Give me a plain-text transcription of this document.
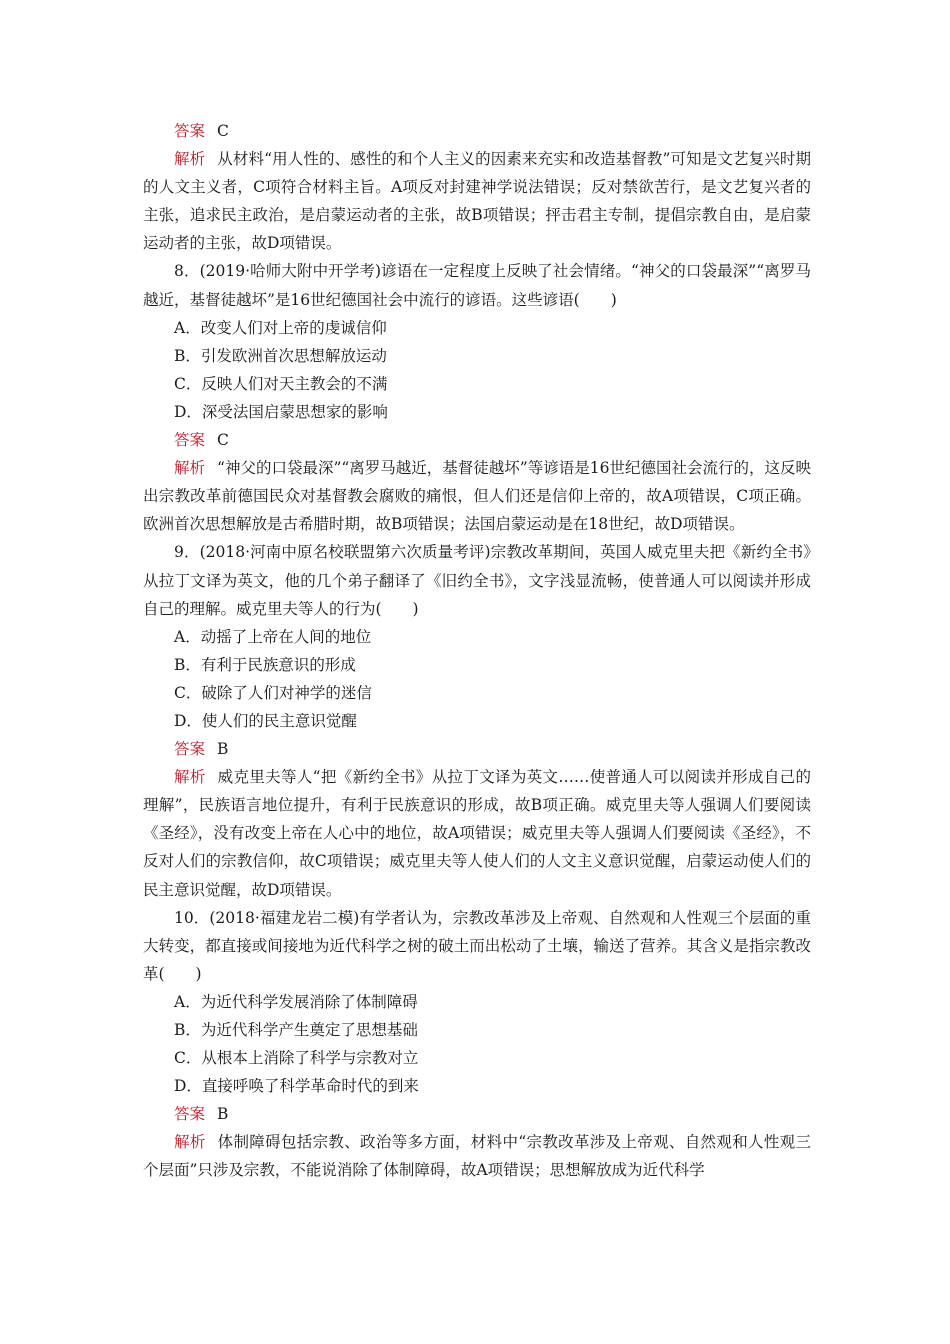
答案 C

解析 从材料“用人性的、感性的和个人主义的因素来充实和改造基督教”可知是文艺复兴时期的人文主义者，C项符合材料主旨。A项反对封建神学说法错误；反对禁欲苦行，是文艺复兴者的主张，追求民主政治，是启蒙运动者的主张，故B项错误；抨击君主专制，提倡宗教自由，是启蒙运动者的主张，故D项错误。

8．(2019·哈师大附中开学考)谚语在一定程度上反映了社会情绪。“神父的口袋最深”“离罗马越近，基督徒越坏”是16世纪德国社会中流行的谚语。这些谚语(　　)

A．改变人们对上帝的虔诚信仰

B．引发欧洲首次思想解放运动

C．反映人们对天主教会的不满

D．深受法国启蒙思想家的影响

答案 C

解析 “神父的口袋最深”“离罗马越近，基督徒越坏”等谚语是16世纪德国社会流行的，这反映出宗教改革前德国民众对基督教会腐败的痛恨，但人们还是信仰上帝的，故A项错误，C项正确。欧洲首次思想解放是古希腊时期，故B项错误；法国启蒙运动是在18世纪，故D项错误。

9．(2018·河南中原名校联盟第六次质量考评)宗教改革期间，英国人威克里夫把《新约全书》从拉丁文译为英文，他的几个弟子翻译了《旧约全书》，文字浅显流畅，使普通人可以阅读并形成自己的理解。威克里夫等人的行为(　　)

A．动摇了上帝在人间的地位

B．有利于民族意识的形成

C．破除了人们对神学的迷信

D．使人们的民主意识觉醒

答案 B

解析 威克里夫等人“把《新约全书》从拉丁文译为英文……使普通人可以阅读并形成自己的理解”，民族语言地位提升，有利于民族意识的形成，故B项正确。威克里夫等人强调人们要阅读《圣经》，没有改变上帝在人心中的地位，故A项错误；威克里夫等人强调人们要阅读《圣经》，不反对人们的宗教信仰，故C项错误；威克里夫等人使人们的人文主义意识觉醒，启蒙运动使人们的民主意识觉醒，故D项错误。

10．(2018·福建龙岩二模)有学者认为，宗教改革涉及上帝观、自然观和人性观三个层面的重大转变，都直接或间接地为近代科学之树的破土而出松动了土壤，输送了营养。其含义是指宗教改革(　　)

A．为近代科学发展消除了体制障碍

B．为近代科学产生奠定了思想基础

C．从根本上消除了科学与宗教对立

D．直接呼唤了科学革命时代的到来

答案 B

解析 体制障碍包括宗教、政治等多方面，材料中“宗教改革涉及上帝观、自然观和人性观三个层面”只涉及宗教，不能说消除了体制障碍，故A项错误；思想解放成为近代科学
